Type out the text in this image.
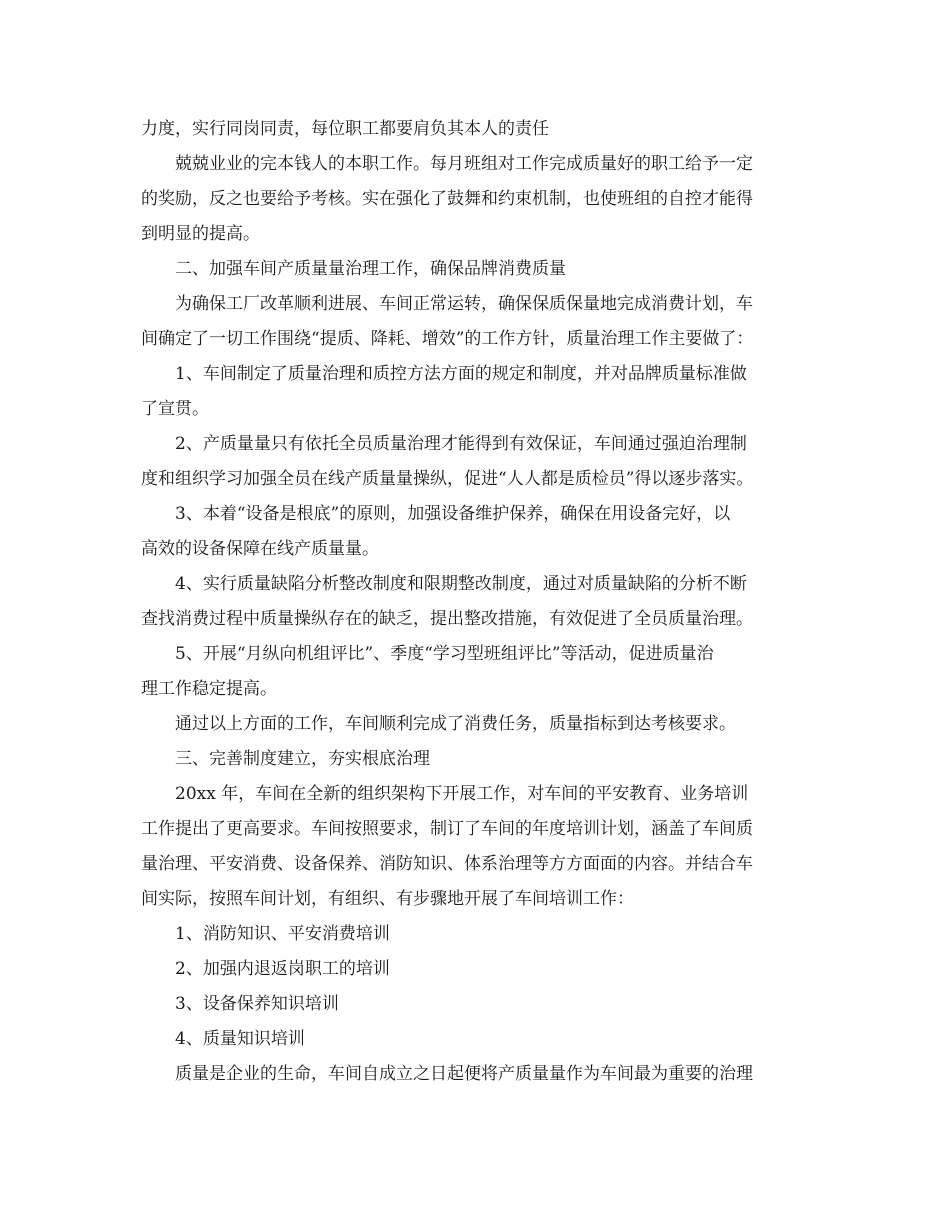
力度，实行同岗同责，每位职工都要肩负其本人的责任
兢兢业业的完本钱人的本职工作。每月班组对工作完成质量好的职工给予一定
的奖励，反之也要给予考核。实在强化了鼓舞和约束机制，也使班组的自控才能得
到明显的提高。
二、加强车间产质量量治理工作，确保品牌消费质量
为确保工厂改革顺利进展、车间正常运转，确保保质保量地完成消费计划，车
间确定了一切工作围绕“提质、降耗、增效”的工作方针，质量治理工作主要做了：
1、车间制定了质量治理和质控方法方面的规定和制度，并对品牌质量标准做
了宣贯。
2、产质量量只有依托全员质量治理才能得到有效保证，车间通过强迫治理制
度和组织学习加强全员在线产质量量操纵，促进“人人都是质检员”得以逐步落实。
3、本着“设备是根底”的原则，加强设备维护保养，确保在用设备完好，以
高效的设备保障在线产质量量。
4、实行质量缺陷分析整改制度和限期整改制度，通过对质量缺陷的分析不断
查找消费过程中质量操纵存在的缺乏，提出整改措施，有效促进了全员质量治理。
5、开展“月纵向机组评比”、季度“学习型班组评比”等活动，促进质量治
理工作稳定提高。
通过以上方面的工作，车间顺利完成了消费任务，质量指标到达考核要求。
三、完善制度建立，夯实根底治理
20xx 年，车间在全新的组织架构下开展工作，对车间的平安教育、业务培训
工作提出了更高要求。车间按照要求，制订了车间的年度培训计划，涵盖了车间质
量治理、平安消费、设备保养、消防知识、体系治理等方方面面的内容。并结合车
间实际，按照车间计划，有组织、有步骤地开展了车间培训工作：
1、消防知识、平安消费培训
2、加强内退返岗职工的培训
3、设备保养知识培训
4、质量知识培训
质量是企业的生命，车间自成立之日起便将产质量量作为车间最为重要的治理
